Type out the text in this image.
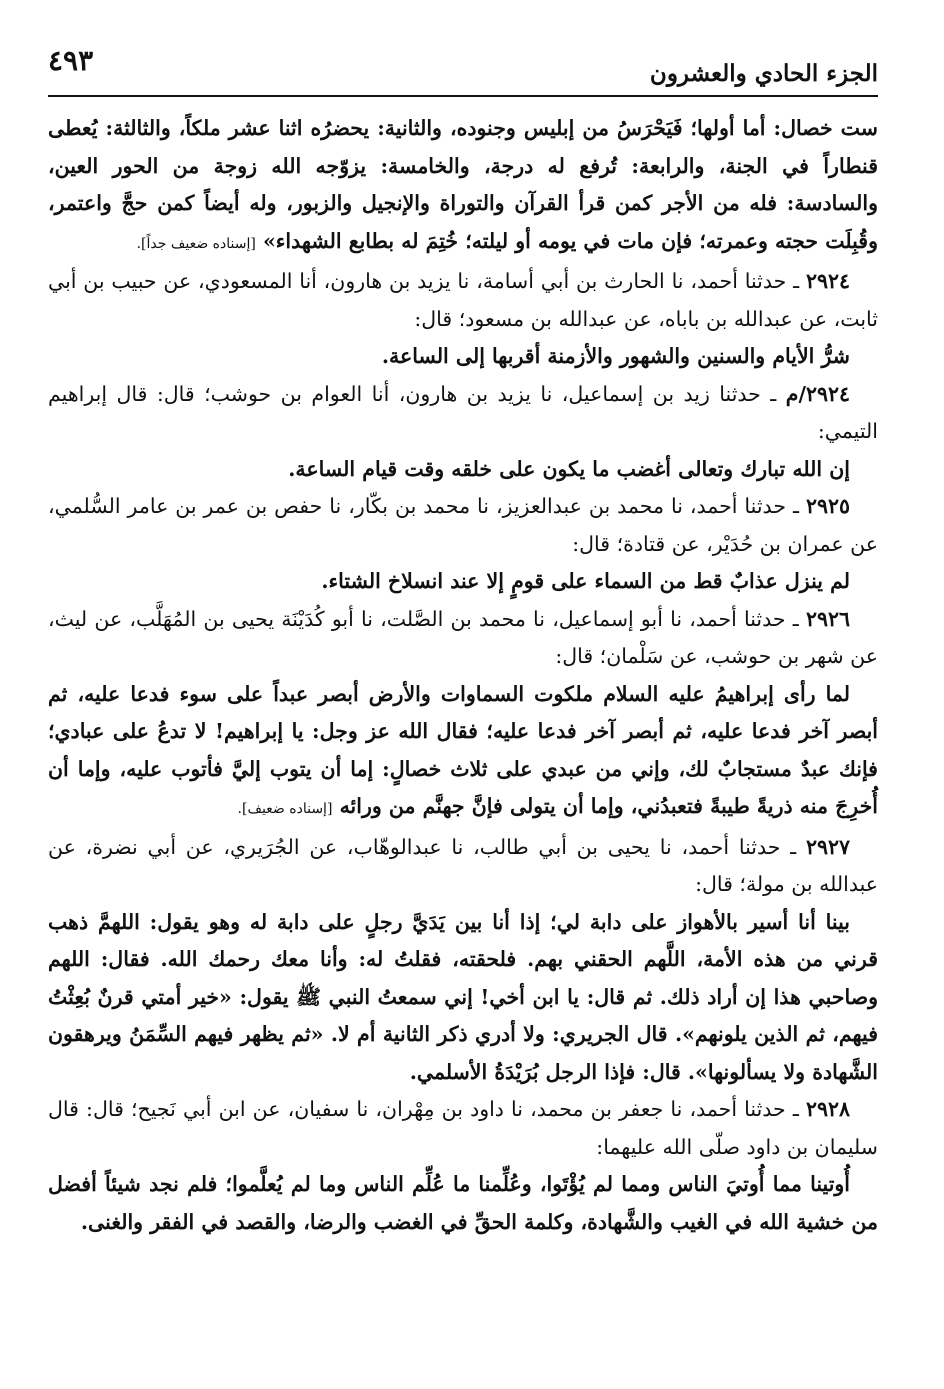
الجزء الحادي والعشرون
٤٩٣

ست خصال: أما أولها؛ فَيَحْرَسُ من إبليس وجنوده، والثانية: يحضرُه اثنا عشر ملكاً، والثالثة: يُعطى قنطاراً في الجنة، والرابعة: تُرفع له درجة، والخامسة: يزوّجه الله زوجة من الحور العين، والسادسة: فله من الأجر كمن قرأ القرآن والتوراة والإنجيل والزبور، وله أيضاً كمن حجَّ واعتمر، وقُبِلَت حجته وعمرته؛ فإن مات في يومه أو ليلته؛ خُتِمَ له بطابع الشهداء» [إسناده ضعيف جداً].

٢٩٢٤ ـ حدثنا أحمد، نا الحارث بن أبي أسامة، نا يزيد بن هارون، أنا المسعودي، عن حبيب بن أبي ثابت، عن عبدالله بن باباه، عن عبدالله بن مسعود؛ قال:

شرُّ الأيام والسنين والشهور والأزمنة أقربها إلى الساعة.

٢٩٢٤/م ـ حدثنا زيد بن إسماعيل، نا يزيد بن هارون، أنا العوام بن حوشب؛ قال: قال إبراهيم التيمي:

إن الله تبارك وتعالى أغضب ما يكون على خلقه وقت قيام الساعة.

٢٩٢٥ ـ حدثنا أحمد، نا محمد بن عبدالعزيز، نا محمد بن بكّار، نا حفص بن عمر بن عامر السُّلمي، عن عمران بن حُدَيْر، عن قتادة؛ قال:

لم ينزل عذابٌ قط من السماء على قومٍ إلا عند انسلاخ الشتاء.

٢٩٢٦ ـ حدثنا أحمد، نا أبو إسماعيل، نا محمد بن الصَّلت، نا أبو كُدَيْنَة يحيى بن المُهَلَّب، عن ليث، عن شهر بن حوشب، عن سَلْمان؛ قال:

لما رأى إبراهيمُ عليه السلام ملكوت السماوات والأرض أبصر عبداً على سوء فدعا عليه، ثم أبصر آخر فدعا عليه، ثم أبصر آخر فدعا عليه؛ فقال الله عز وجل: يا إبراهيم! لا تدعُ على عبادي؛ فإنك عبدٌ مستجابٌ لك، وإني من عبدي على ثلاث خصالٍ: إما أن يتوب إليَّ فأتوب عليه، وإما أن أُخرِجَ منه ذريةً طيبةً فتعبدُني، وإما أن يتولى فإنَّ جهنَّم من ورائه [إسناده ضعيف].

٢٩٢٧ ـ حدثنا أحمد، نا يحيى بن أبي طالب، نا عبدالوهّاب، عن الجُرَيري، عن أبي نضرة، عن عبدالله بن مولة؛ قال:

بينا أنا أسير بالأهواز على دابة لي؛ إذا أنا بين يَدَيَّ رجلٍ على دابة له وهو يقول: اللهمَّ ذهب قرني من هذه الأمة، اللَّهم الحقني بهم. فلحقته، فقلتُ له: وأنا معك رحمك الله. فقال: اللهم وصاحبي هذا إن أراد ذلك. ثم قال: يا ابن أخي! إني سمعتُ النبي ﷺ يقول: «خير أمتي قرنٌ بُعِثْتُ فيهم، ثم الذين يلونهم». قال الجريري: ولا أدري ذكر الثانية أم لا. «ثم يظهر فيهم السِّمَنُ ويرهقون الشَّهادة ولا يسألونها». قال: فإذا الرجل بُرَيْدَةُ الأسلمي.

٢٩٢٨ ـ حدثنا أحمد، نا جعفر بن محمد، نا داود بن مِهْران، نا سفيان، عن ابن أبي نَجيح؛ قال: قال سليمان بن داود صلّى الله عليهما:

أُوتينا مما أُوتيَ الناس ومما لم يُؤْتَوا، وعُلِّمنا ما عُلِّم الناس وما لم يُعلَّموا؛ فلم نجد شيئاً أفضل من خشية الله في الغيب والشَّهادة، وكلمة الحقِّ في الغضب والرضا، والقصد في الفقر والغنى.
